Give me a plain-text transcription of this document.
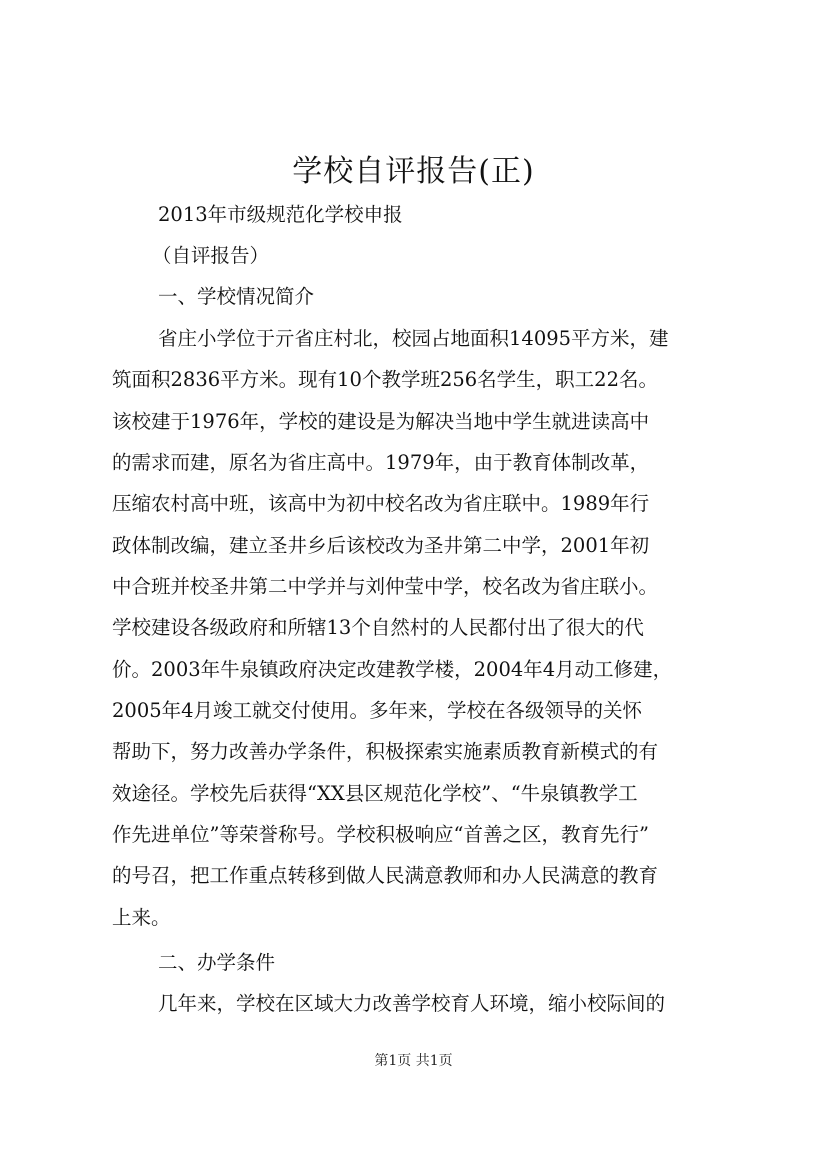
学校自评报告(正)

2013年市级规范化学校申报

（自评报告）

一、学校情况简介

省庄小学位于亓省庄村北，校园占地面积14095平方米，建

筑面积2836平方米。现有10个教学班256名学生，职工22名。

该校建于1976年，学校的建设是为解决当地中学生就进读高中

的需求而建，原名为省庄高中。1979年，由于教育体制改革，

压缩农村高中班，该高中为初中校名改为省庄联中。1989年行

政体制改编，建立圣井乡后该校改为圣井第二中学，2001年初

中合班并校圣井第二中学并与刘仲莹中学，校名改为省庄联小。

学校建设各级政府和所辖13个自然村的人民都付出了很大的代

价。2003年牛泉镇政府决定改建教学楼，2004年4月动工修建，

2005年4月竣工就交付使用。多年来，学校在各级领导的关怀

帮助下，努力改善办学条件，积极探索实施素质教育新模式的有

效途径。学校先后获得“XX县区规范化学校”、“牛泉镇教学工

作先进单位”等荣誉称号。学校积极响应“首善之区，教育先行”

的号召，把工作重点转移到做人民满意教师和办人民满意的教育

上来。

二、办学条件

几年来，学校在区域大力改善学校育人环境，缩小校际间的

第1页 共1页
